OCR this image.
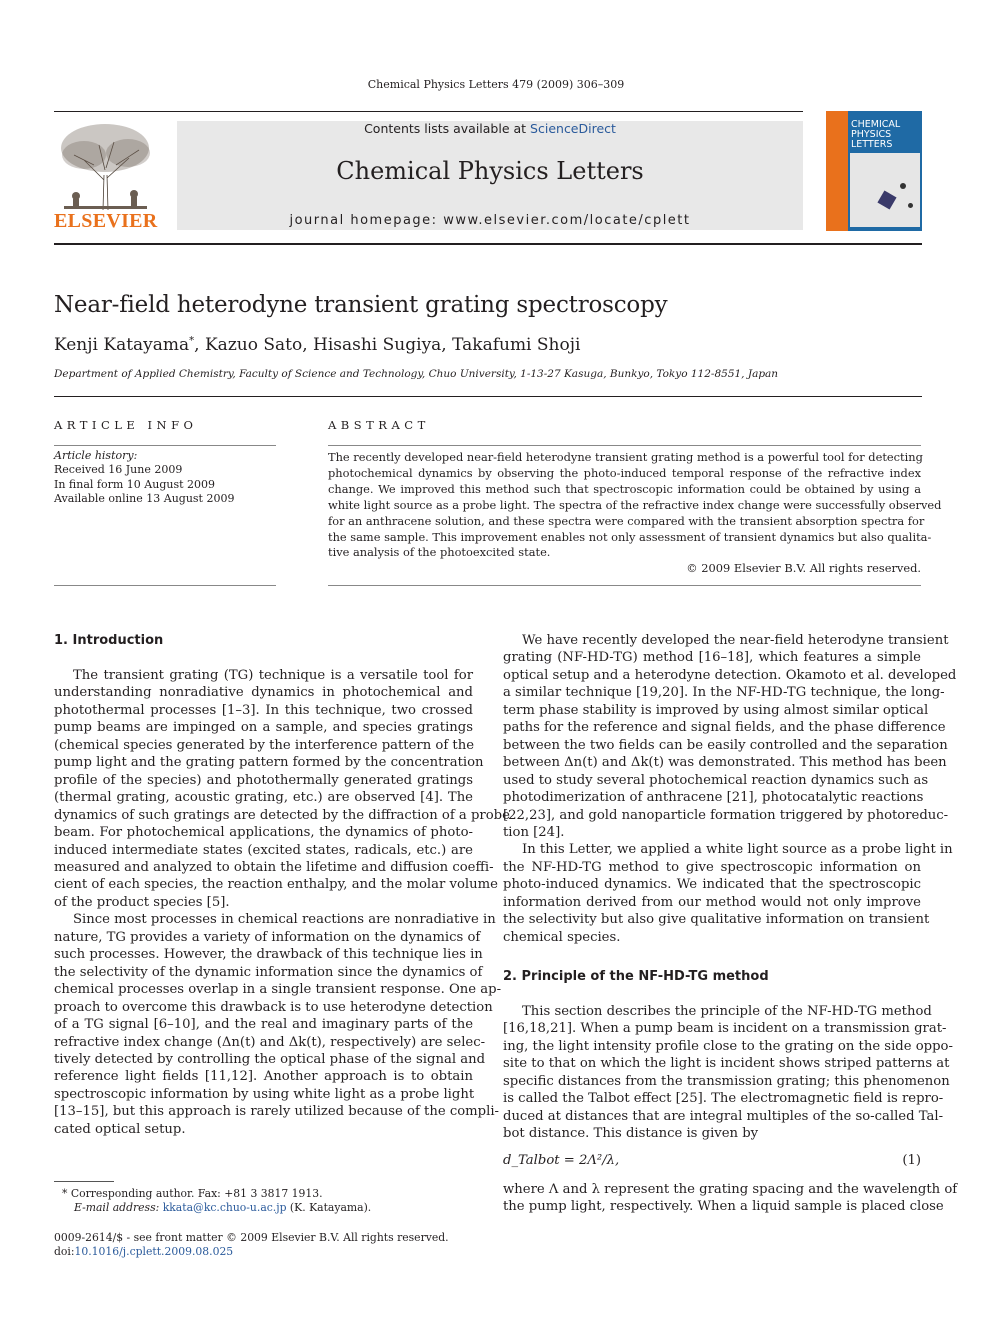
Chemical Physics Letters 479 (2009) 306–309
ELSEVIER
Contents lists available at ScienceDirect
Chemical Physics Letters
journal homepage: www.elsevier.com/locate/cplett
CHEMICAL
PHYSICS
LETTERS
Near-field heterodyne transient grating spectroscopy
Kenji Katayama*, Kazuo Sato, Hisashi Sugiya, Takafumi Shoji
Department of Applied Chemistry, Faculty of Science and Technology, Chuo University, 1-13-27 Kasuga, Bunkyo, Tokyo 112-8551, Japan
ARTICLE INFO
Article history:
Received 16 June 2009
In final form 10 August 2009
Available online 13 August 2009
ABSTRACT
The recently developed near-field heterodyne transient grating method is a powerful tool for detecting
photochemical dynamics by observing the photo-induced temporal response of the refractive index
change. We improved this method such that spectroscopic information could be obtained by using a
white light source as a probe light. The spectra of the refractive index change were successfully observed
for an anthracene solution, and these spectra were compared with the transient absorption spectra for
the same sample. This improvement enables not only assessment of transient dynamics but also qualita-
tive analysis of the photoexcited state.
© 2009 Elsevier B.V. All rights reserved.
1. Introduction
The transient grating (TG) technique is a versatile tool for
understanding nonradiative dynamics in photochemical and
photothermal processes [1–3]. In this technique, two crossed
pump beams are impinged on a sample, and species gratings
(chemical species generated by the interference pattern of the
pump light and the grating pattern formed by the concentration
profile of the species) and photothermally generated gratings
(thermal grating, acoustic grating, etc.) are observed [4]. The
dynamics of such gratings are detected by the diffraction of a probe
beam. For photochemical applications, the dynamics of photo-
induced intermediate states (excited states, radicals, etc.) are
measured and analyzed to obtain the lifetime and diffusion coeffi-
cient of each species, the reaction enthalpy, and the molar volume
of the product species [5].
Since most processes in chemical reactions are nonradiative in
nature, TG provides a variety of information on the dynamics of
such processes. However, the drawback of this technique lies in
the selectivity of the dynamic information since the dynamics of
chemical processes overlap in a single transient response. One ap-
proach to overcome this drawback is to use heterodyne detection
of a TG signal [6–10], and the real and imaginary parts of the
refractive index change (Δn(t) and Δk(t), respectively) are selec-
tively detected by controlling the optical phase of the signal and
reference light fields [11,12]. Another approach is to obtain
spectroscopic information by using white light as a probe light
[13–15], but this approach is rarely utilized because of the compli-
cated optical setup.
We have recently developed the near-field heterodyne transient
grating (NF-HD-TG) method [16–18], which features a simple
optical setup and a heterodyne detection. Okamoto et al. developed
a similar technique [19,20]. In the NF-HD-TG technique, the long-
term phase stability is improved by using almost similar optical
paths for the reference and signal fields, and the phase difference
between the two fields can be easily controlled and the separation
between Δn(t) and Δk(t) was demonstrated. This method has been
used to study several photochemical reaction dynamics such as
photodimerization of anthracene [21], photocatalytic reactions
[22,23], and gold nanoparticle formation triggered by photoreduc-
tion [24].
In this Letter, we applied a white light source as a probe light in
the NF-HD-TG method to give spectroscopic information on
photo-induced dynamics. We indicated that the spectroscopic
information derived from our method would not only improve
the selectivity but also give qualitative information on transient
chemical species.
2. Principle of the NF-HD-TG method
This section describes the principle of the NF-HD-TG method
[16,18,21]. When a pump beam is incident on a transmission grat-
ing, the light intensity profile close to the grating on the side oppo-
site to that on which the light is incident shows striped patterns at
specific distances from the transmission grating; this phenomenon
is called the Talbot effect [25]. The electromagnetic field is repro-
duced at distances that are integral multiples of the so-called Tal-
bot distance. This distance is given by
d_Talbot = 2Λ²/λ,	(1)
where Λ and λ represent the grating spacing and the wavelength of
the pump light, respectively. When a liquid sample is placed close
* Corresponding author. Fax: +81 3 3817 1913.
E-mail address: kkata@kc.chuo-u.ac.jp (K. Katayama).
0009-2614/$ - see front matter © 2009 Elsevier B.V. All rights reserved.
doi:10.1016/j.cplett.2009.08.025
